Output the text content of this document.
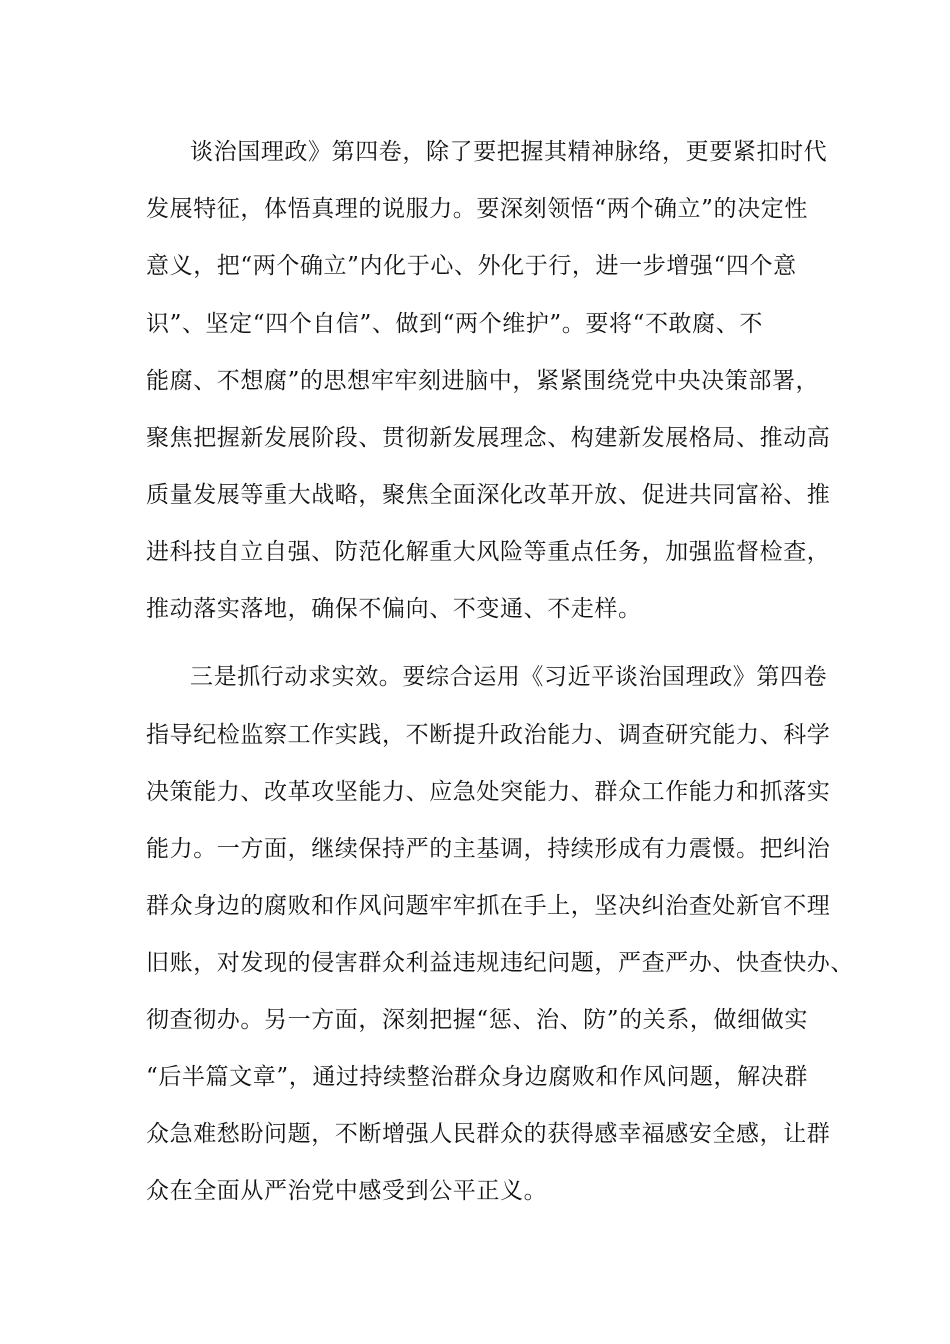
谈治国理政》第四卷，除了要把握其精神脉络，更要紧扣时代
发展特征，体悟真理的说服力。要深刻领悟“两个确立”的决定性
意义，把“两个确立”内化于心、外化于行，进一步增强“四个意
识”、坚定“四个自信”、做到“两个维护”。要将“不敢腐、不
能腐、不想腐”的思想牢牢刻进脑中，紧紧围绕党中央决策部署，
聚焦把握新发展阶段、贯彻新发展理念、构建新发展格局、推动高
质量发展等重大战略，聚焦全面深化改革开放、促进共同富裕、推
进科技自立自强、防范化解重大风险等重点任务，加强监督检查，
推动落实落地，确保不偏向、不变通、不走样。
三是抓行动求实效。要综合运用《习近平谈治国理政》第四卷
指导纪检监察工作实践，不断提升政治能力、调查研究能力、科学
决策能力、改革攻坚能力、应急处突能力、群众工作能力和抓落实
能力。一方面，继续保持严的主基调，持续形成有力震慑。把纠治
群众身边的腐败和作风问题牢牢抓在手上，坚决纠治查处新官不理
旧账，对发现的侵害群众利益违规违纪问题，严查严办、快查快办、
彻查彻办。另一方面，深刻把握“惩、治、防”的关系，做细做实
“后半篇文章”，通过持续整治群众身边腐败和作风问题，解决群
众急难愁盼问题，不断增强人民群众的获得感幸福感安全感，让群
众在全面从严治党中感受到公平正义。
